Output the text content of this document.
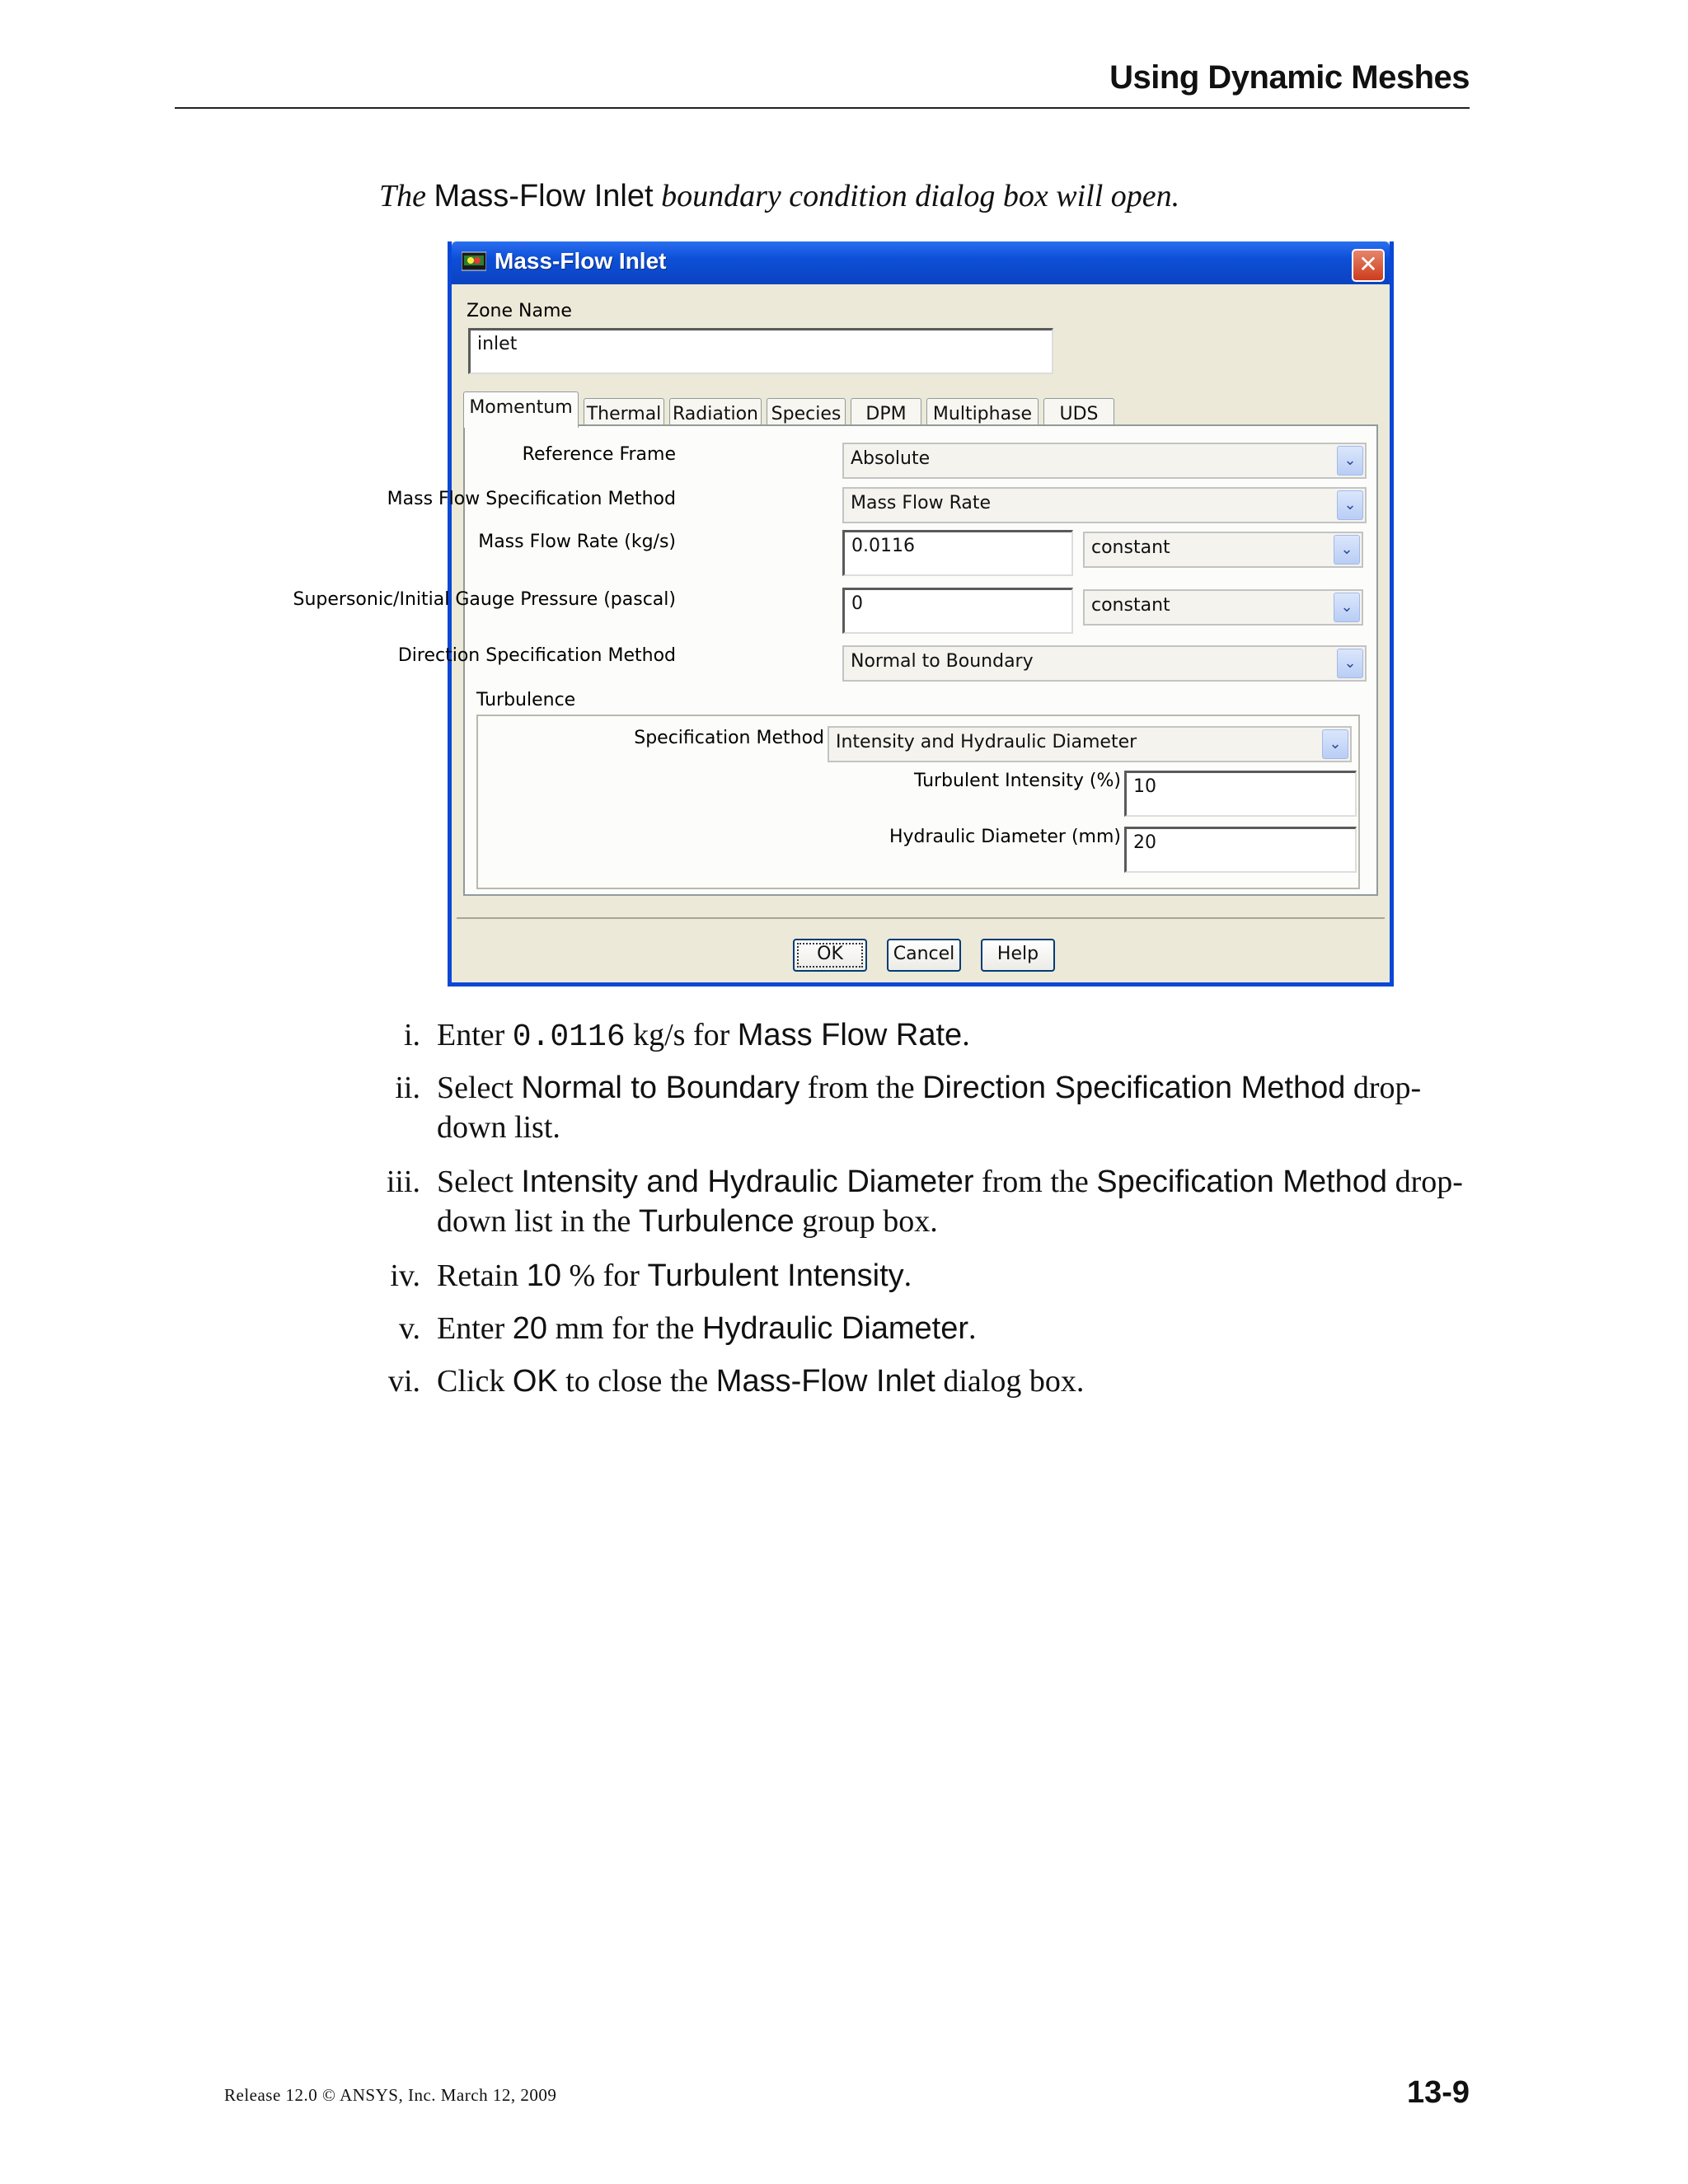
Using Dynamic Meshes
The Mass-Flow Inlet boundary condition dialog box will open.
Mass-Flow Inlet	✕
Zone Name
inlet
Momentum Thermal Radiation Species	DPM	Multiphase	UDS
Reference Frame	Absolute	⌄
Mass Flow Specification Method	Mass Flow Rate	⌄
Mass Flow Rate (kg/s)	0.0116	constant	⌄
Supersonic/Initial Gauge Pressure (pascal)	0	constant	⌄
Direction Specification Method	Normal to Boundary	⌄
Turbulence
Specification Method Intensity and Hydraulic Diameter	⌄
Turbulent Intensity (%) 10
Hydraulic Diameter (mm) 20
OK	Cancel	Help
i. Enter 0.0116 kg/s for Mass Flow Rate.
ii. Select Normal to Boundary from the Direction Specification Method drop-
down list.
iii. Select Intensity and Hydraulic Diameter from the Specification Method drop-
down list in the Turbulence group box.
iv. Retain 10 % for Turbulent Intensity.
v. Enter 20 mm for the Hydraulic Diameter.
vi. Click OK to close the Mass-Flow Inlet dialog box.
Release 12.0 © ANSYS, Inc. March 12, 2009	13-9
